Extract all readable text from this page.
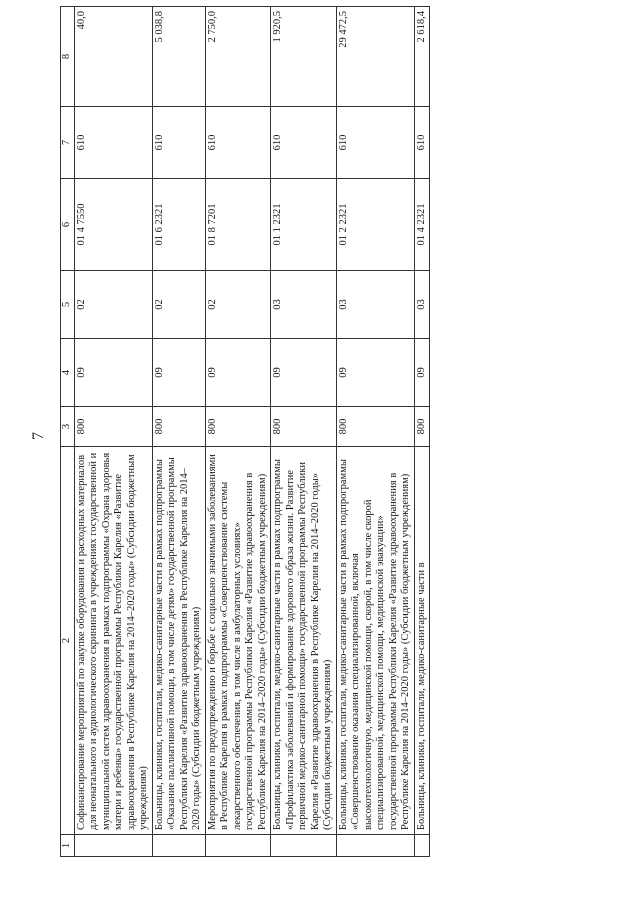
7
1	2	3	4	5	6	7	8
	Софинансирование мероприятий по закупке оборудования и расходных материалов для неонатального и аудиологического скрининга в учреждениях государственной и муниципальной систем здравоохранения в рамках подпрограммы «Охрана здоровья матери и ребенка» государственной программы Республики Карелия «Развитие здравоохранения в Республике Карелия на 2014–2020 годы» (Субсидии бюджетным учреждениям)	800	09	02	01 4 7550	610	40,0
	Больницы, клиники, госпитали, медико-санитарные части в рамках подпрограммы «Оказание паллиативной помощи, в том числе детям» государственной программы Республики Карелия «Развитие здравоохранения в Республике Карелия на 2014–2020 годы» (Субсидии бюджетным учреждениям)	800	09	02	01 6 2321	610	5 038,8
	Мероприятия по предупреждению и борьбе с социально значимыми заболеваниями в Республике Карелия в рамках подпрограммы «Совершенствование системы лекарственного обеспечения, в том числе в амбулаторных условиях» государственной программы Республики Карелия «Развитие здравоохранения в Республике Карелия на 2014–2020 годы» (Субсидии бюджетным учреждениям)	800	09	02	01 8 7201	610	2 750,0
	Больницы, клиники, госпитали, медико-санитарные части в рамках подпрограммы «Профилактика заболеваний и формирование здорового образа жизни. Развитие первичной медико-санитарной помощи» государственной программы Республики Карелия «Развитие здравоохранения в Республике Карелия на 2014–2020 годы» (Субсидии бюджетным учреждениям)	800	09	03	01 1 2321	610	1 920,5
	Больницы, клиники, госпитали, медико-санитарные части в рамках подпрограммы «Совершенствование оказания специализированной, включая высокотехнологичную, медицинской помощи, скорой, в том числе скорой специализированной, медицинской помощи, медицинской эвакуации» государственной программы Республики Карелия «Развитие здравоохранения в Республике Карелия на 2014–2020 годы» (Субсидии бюджетным учреждениям)	800	09	03	01 2 2321	610	29 472,5
	Больницы, клиники, госпитали, медико-санитарные части в	800	09	03	01 4 2321	610	2 618,4
